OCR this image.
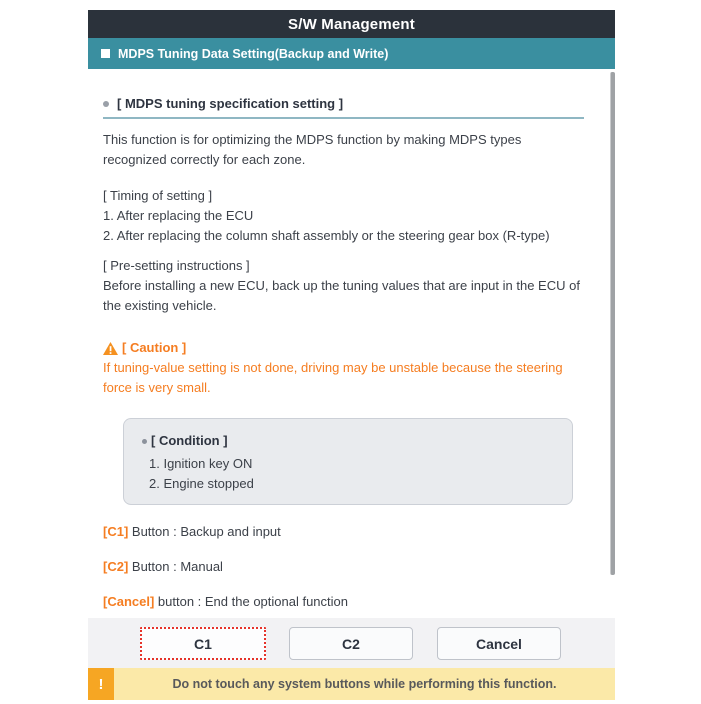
S/W Management
MDPS Tuning Data Setting(Backup and Write)
[ MDPS tuning specification setting ]
This function is for optimizing the MDPS function by making MDPS types recognized correctly for each zone.
[ Timing of setting ]
1. After replacing the ECU
2. After replacing the column shaft assembly or the steering gear box (R-type)
[ Pre-setting instructions ]
Before installing a new ECU, back up the tuning values that are input in the ECU of the existing vehicle.
[ Caution ]
If tuning-value setting is not done, driving may be unstable because the steering force is very small.
[ Condition ]
1. Ignition key ON
2. Engine stopped
[C1] Button : Backup and input
[C2] Button : Manual
[Cancel] button : End the optional function
C1	C2	Cancel
!	Do not touch any system buttons while performing this function.
